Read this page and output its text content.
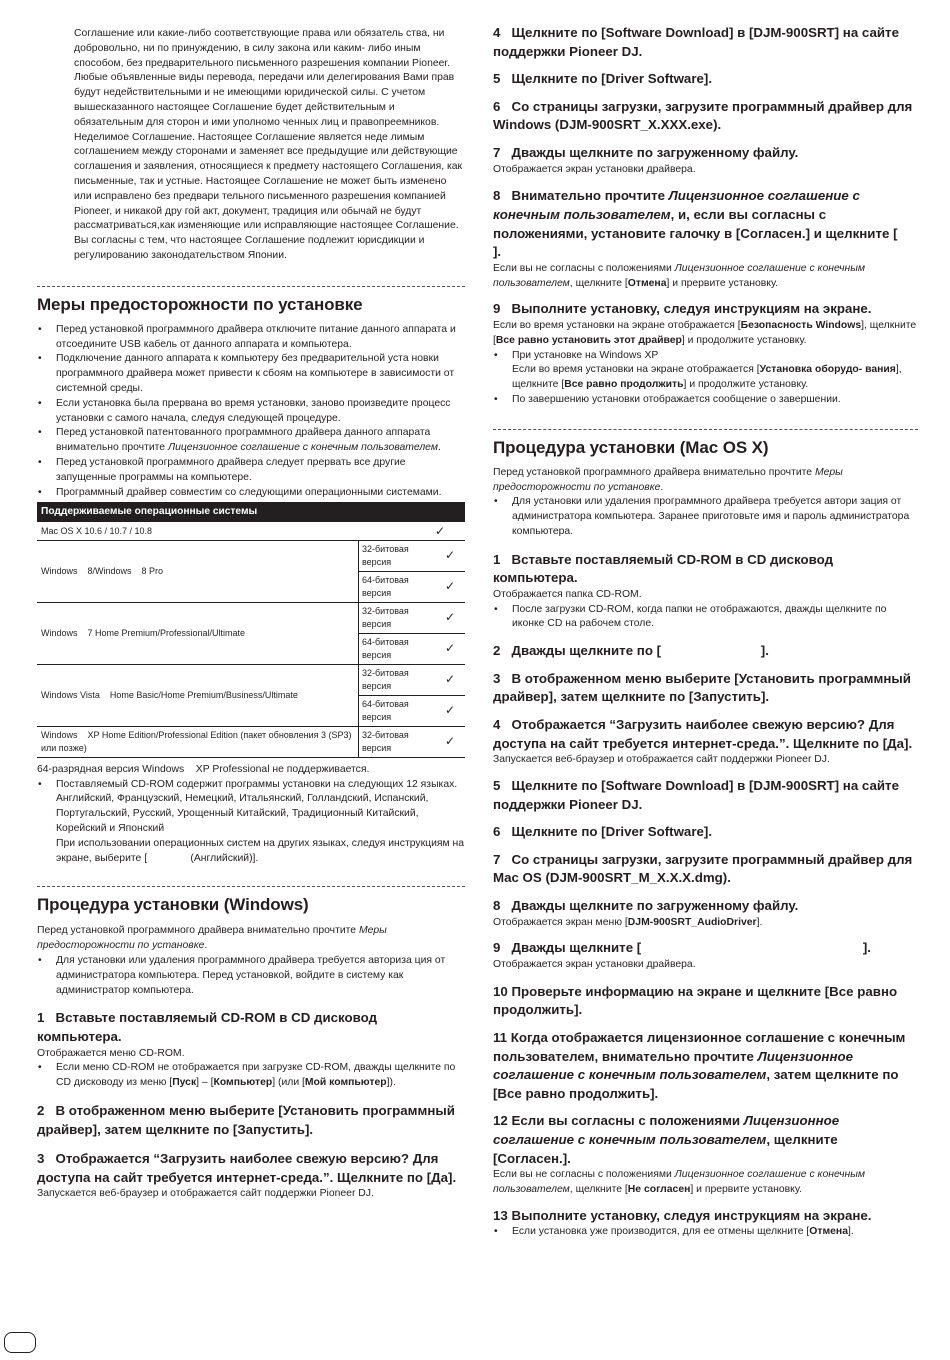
Соглашение или какие-либо соответствующие права или обязатель ства, ни добровольно, ни по принуждению, в силу закона или каким- либо иным способом, без предварительного письменного разрешения компании Pioneer. Любые объявленные виды перевода, передачи или делегирования Вами прав будут недействительными и не имеющими юридической силы. С учетом вышесказанного настоящее Соглашение будет действительным и обязательным для сторон и ими уполномо ченных лиц и правопреемников.

Неделимое Соглашение. Настоящее Соглашение является неде лимым соглашением между сторонами и заменяет все предыдущие или действующие соглашения и заявления, относящиеся к предмету настоящего Соглашения, как письменные, так и устные. Настоящее Соглашение не может быть изменено или исправлено без предвари тельного письменного разрешения компанией Pioneer, и никакой дру гой акт, документ, традиция или обычай не будут рассматриваться,как изменяющие или исправляющие настоящее Соглашение.

Вы согласны с тем, что настоящее Соглашение подлежит юрисдикции и регулированию законодательством Японии.

Меры предосторожности по установке

• Перед установкой программного драйвера отключите питание данного аппарата и отсоедините USB кабель от данного аппарата и компьютера.

• Подключение данного аппарата к компьютеру без предварительной уста новки программного драйвера может привести к сбоям на компьютере в зависимости от системной среды.

• Если установка была прервана во время установки, заново произведите процесс установки с самого начала, следуя следующей процедуре.

• Перед установкой патентованного программного драйвера данного аппарата внимательно прочтите Лицензионное соглашение с конечным пользователем.

• Перед установкой программного драйвера следует прервать все другие запущенные программы на компьютере.

• Программный драйвер совместим со следующими операционными системами.

Поддерживаемые операционные системы		
Mac OS X 10.6 / 10.7 / 10.8		✓
Windows    8/Windows    8 Pro	32-битовая версия	✓
	64-битовая версия	✓
Windows    7 Home Premium/Professional/Ultimate	32-битовая версия	✓
	64-битовая версия	✓
Windows Vista    Home Basic/Home Premium/Business/Ultimate	32-битовая версия	✓
	64-битовая версия	✓
Windows    XP Home Edition/Professional Edition (пакет обновления 3 (SP3) или позже)	32-битовая версия	✓

64-разрядная версия Windows    XP Professional не поддерживается.

• Поставляемый CD-ROM содержит программы установки на следующих 12 языках.

Английский, Французский, Немецкий, Итальянский, Голландский, Испанский, Португальский, Русский, Урощенный Китайский, Традиционный Китайский, Корейский и Японский

При использовании операционных систем на других языках, следуя инструкциям на экране, выберите [               (Английский)].

Процедура установки (Windows)

Перед установкой программного драйвера внимательно прочтите Меры предосторожности по установке.

• Для установки или удаления программного драйвера требуется авториза ция от администратора компьютера. Перед установкой, войдите в систему как администратор компьютера.

1   Вставьте поставляемый CD-ROM в CD дисковод компьютера.

Отображается меню CD-ROM.

• Если меню CD-ROM не отображается при загрузке CD-ROM, дважды щелкните по CD дисководу из меню [Пуск] – [Компьютер] (или [Мой компьютер]).

2   В отображенном меню выберите [Установить программный драйвер], затем щелкните по [Запустить].

3   Отображается “Загрузить наиболее свежую версию? Для доступа на сайт требуется интернет-среда.”. Щелкните по [Да].

Запускается веб-браузер и отображается сайт поддержки Pioneer DJ.

4   Щелкните по [Software Download] в [DJM-900SRT] на сайте поддержки Pioneer DJ.

5   Щелкните по [Driver Software].

6   Со страницы загрузки, загрузите программный драйвер для Windows (DJM-900SRT_X.XXX.exe).

7   Дважды щелкните по загруженному файлу.

Отображается экран установки драйвера.

8   Внимательно прочтите Лицензионное соглашение с конечным пользователем, и, если вы согласны с положениями, установите галочку в [Согласен.] и щелкните [      ].

Если вы не согласны с положениями Лицензионное соглашение с конечным пользователем, щелкните [Отмена] и прервите установку.

9   Выполните установку, следуя инструкциям на экране.

Если во время установки на экране отображается [Безопасность Windows], щелкните [Все равно установить этот драйвер] и продолжите установку.

• При установке на Windows XP

Если во время установки на экране отображается [Установка оборудо- вания], щелкните [Все равно продолжить] и продолжите установку.

• По завершению установки отображается сообщение о завершении.

Процедура установки (Mac OS X)

Перед установкой программного драйвера внимательно прочтите Меры предосторожности по установке.

• Для установки или удаления программного драйвера требуется автори зация от администратора компьютера. Заранее приготовьте имя и пароль администратора компьютера.

1   Вставьте поставляемый CD-ROM в CD дисковод компьютера.

Отображается папка CD-ROM.

• После загрузки CD-ROM, когда папки не отображаются, дважды щелкните по иконке CD на рабочем столе.

2   Дважды щелкните по [                           ].

3   В отображенном меню выберите [Установить программный драйвер], затем щелкните по [Запустить].

4   Отображается “Загрузить наиболее свежую версию? Для доступа на сайт требуется интернет-среда.”. Щелкните по [Да].

Запускается веб-браузер и отображается сайт поддержки Pioneer DJ.

5   Щелкните по [Software Download] в [DJM-900SRT] на сайте поддержки Pioneer DJ.

6   Щелкните по [Driver Software].

7   Со страницы загрузки, загрузите программный драйвер для Mac OS (DJM-900SRT_M_X.X.X.dmg).

8   Дважды щелкните по загруженному файлу.

Отображается экран меню [DJM-900SRT_AudioDriver].

9   Дважды щелкните [                                                            ].

Отображается экран установки драйвера.

10 Проверьте информацию на экране и щелкните [Все равно продолжить].

11 Когда отображается лицензионное соглашение с конечным пользователем, внимательно прочтите Лицензионное соглашение с конечным пользователем, затем щелкните по [Все равно продолжить].

12 Если вы согласны с положениями Лицензионное соглашение с конечным пользователем, щелкните [Согласен.].

Если вы не согласны с положениями Лицензионное соглашение с конечным пользователем, щелкните [Не согласен] и прервите установку.

13 Выполните установку, следуя инструкциям на экране.

• Если установка уже производится, для ее отмены щелкните [Отмена].
